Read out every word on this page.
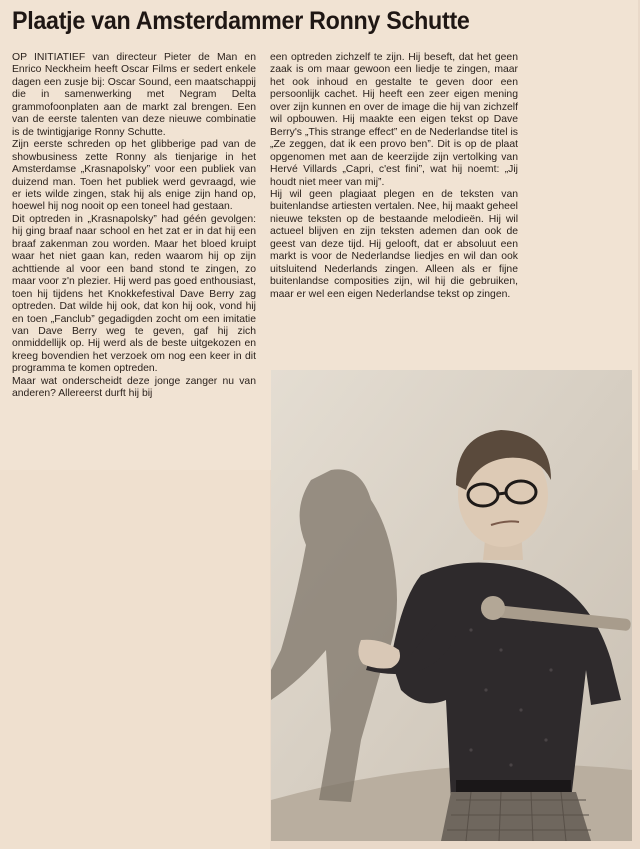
Plaatje van Amsterdammer Ronny Schutte

OP INITIATIEF van directeur Pieter de Man en Enrico Neckheim heeft Oscar Films er sedert enkele dagen een zusje bij: Oscar Sound, een maatschappij die in samenwerking met Negram Delta grammofoonplaten aan de markt zal brengen. Een van de eerste talenten van deze nieuwe combinatie is de twintigjarige Ronny Schutte.

Zijn eerste schreden op het glibberige pad van de showbusiness zette Ronny als tienjarige in het Amsterdamse „Krasnapolsky” voor een publiek van duizend man. Toen het publiek werd gevraagd, wie er iets wilde zingen, stak hij als enige zijn hand op, hoewel hij nog nooit op een toneel had gestaan.

Dit optreden in „Krasnapolsky” had géén gevolgen: hij ging braaf naar school en het zat er in dat hij een braaf zakenman zou worden. Maar het bloed kruipt waar het niet gaan kan, reden waarom hij op zijn achttiende al voor een band stond te zingen, zo maar voor z'n plezier. Hij werd pas goed enthousiast, toen hij tijdens het Knokkefestival Dave Berry zag optreden. Dat wilde hij ook, dat kon hij ook, vond hij en toen „Fanclub” gegadigden zocht om een imitatie van Dave Berry weg te geven, gaf hij zich onmiddellijk op. Hij werd als de beste uitgekozen en kreeg bovendien het verzoek om nog een keer in dit programma te komen optreden.

Maar wat onderscheidt deze jonge zanger nu van anderen? Allereerst durft hij bij

een optreden zichzelf te zijn. Hij beseft, dat het geen zaak is om maar gewoon een liedje te zingen, maar het ook inhoud en gestalte te geven door een persoonlijk cachet. Hij heeft een zeer eigen mening over zijn kunnen en over de image die hij van zichzelf wil opbouwen. Hij maakte een eigen tekst op Dave Berry's „This strange effect” en de Nederlandse titel is „Ze zeggen, dat ik een provo ben”. Dit is op de plaat opgenomen met aan de keerzijde zijn vertolking van Hervé Villards „Capri, c'est fini”, wat hij noemt: „Jij houdt niet meer van mij”.

Hij wil geen plagiaat plegen en de teksten van buitenlandse artiesten vertalen. Nee, hij maakt geheel nieuwe teksten op de bestaande melodieën. Hij wil actueel blijven en zijn teksten ademen dan ook de geest van deze tijd. Hij gelooft, dat er absoluut een markt is voor de Nederlandse liedjes en wil dan ook uitsluitend Nederlands zingen. Alleen als er fijne buitenlandse composities zijn, wil hij die gebruiken, maar er wel een eigen Nederlandse tekst op zingen.
